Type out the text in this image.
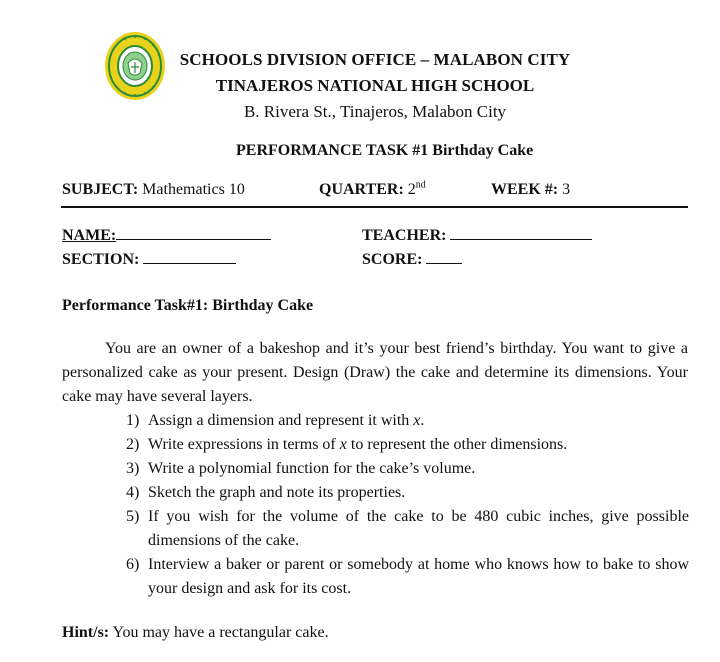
SCHOOLS DIVISION OFFICE – MALABON CITY
TINAJEROS NATIONAL HIGH SCHOOL
B. Rivera St., Tinajeros, Malabon City
PERFORMANCE TASK #1 Birthday Cake
SUBJECT: Mathematics 10	QUARTER: 2nd	WEEK #: 3
NAME:
SECTION:
TEACHER:
SCORE:
Performance Task#1: Birthday Cake

You are an owner of a bakeshop and it’s your best friend’s birthday. You want to give a personalized cake as your present. Design (Draw) the cake and determine its dimensions. Your cake may have several layers.

1) Assign a dimension and represent it with x.
2) Write expressions in terms of x to represent the other dimensions.
3) Write a polynomial function for the cake’s volume.
4) Sketch the graph and note its properties.
5) If you wish for the volume of the cake to be 480 cubic inches, give possible dimensions of the cake.
6) Interview a baker or parent or somebody at home who knows how to bake to show your design and ask for its cost.
Hint/s: You may have a rectangular cake.
